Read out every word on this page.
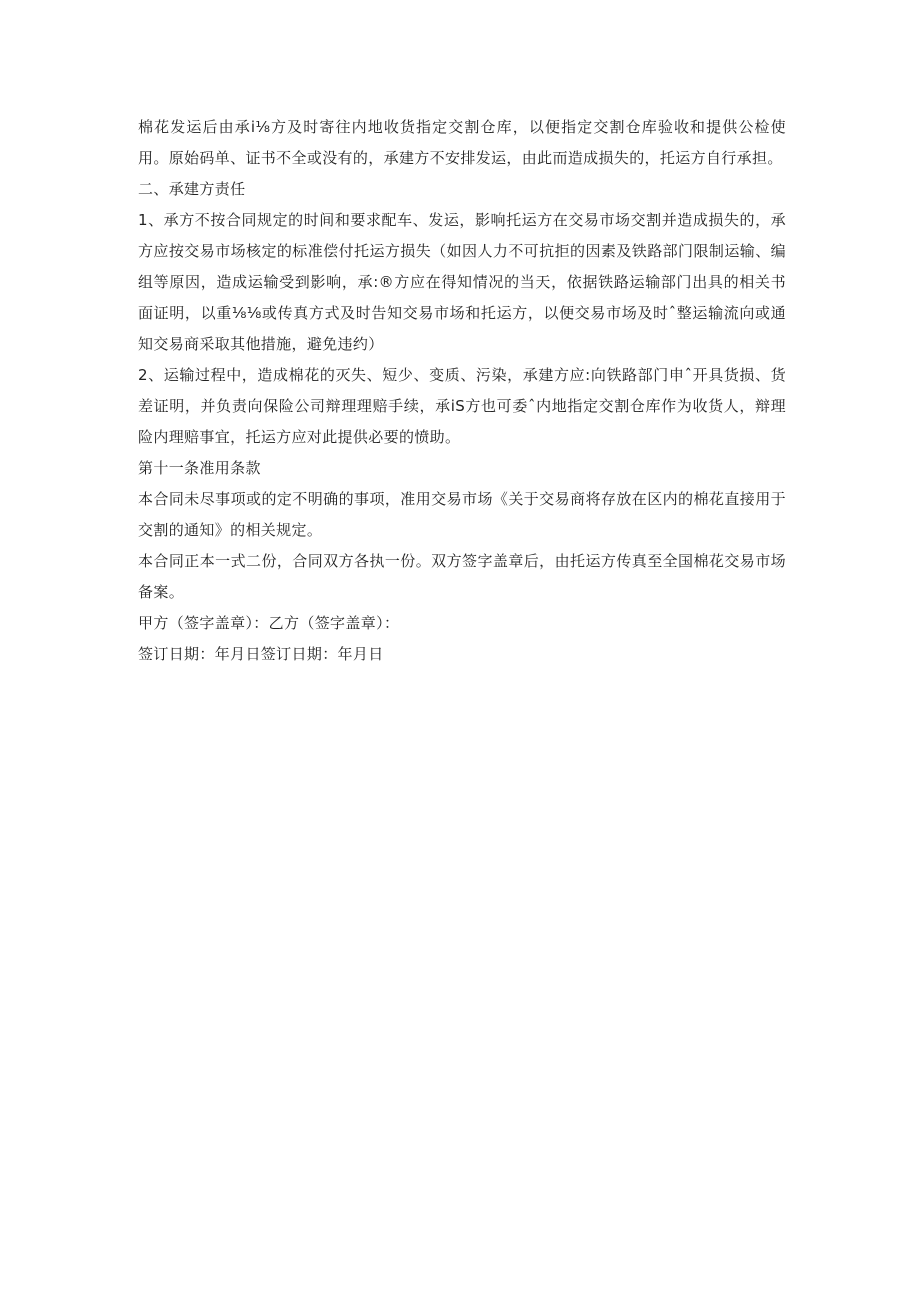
棉花发运后由承i⅛方及时寄往内地收货指定交割仓库，以便指定交割仓库验收和提供公检使用。原始码单、证书不全或没有的，承建方不安排发运，由此而造成损失的，托运方自行承担。

二、承建方责任

1、承方不按合同规定的时间和要求配车、发运，影响托运方在交易市场交割并造成损失的，承方应按交易市场核定的标准偿付托运方损失（如因人力不可抗拒的因素及铁路部门限制运输、编组等原因，造成运输受到影响，承:®方应在得知情况的当天，依据铁路运输部门出具的相关书面证明，以重⅛⅛或传真方式及时告知交易市场和托运方，以便交易市场及时ˆ整运输流向或通知交易商采取其他措施，避免违约）

2、运输过程中，造成棉花的灭失、短少、变质、污染，承建方应:向铁路部门申ˆ开具货损、货差证明，并负责向保险公司辩理理赔手续，承iS方也可委ˆ内地指定交割仓库作为收货人，辩理险内理赔事宜，托运方应对此提供必要的愤助。

第十一条准用条款

本合同未尽事项或的定不明确的事项，准用交易市场《关于交易商将存放在区内的棉花直接用于交割的通知》的相关规定。

本合同正本一式二份，合同双方各执一份。双方签字盖章后，由托运方传真至全国棉花交易市场备案。

甲方（签字盖章）：乙方（签字盖章）：

签订日期：年月日签订日期：年月日
